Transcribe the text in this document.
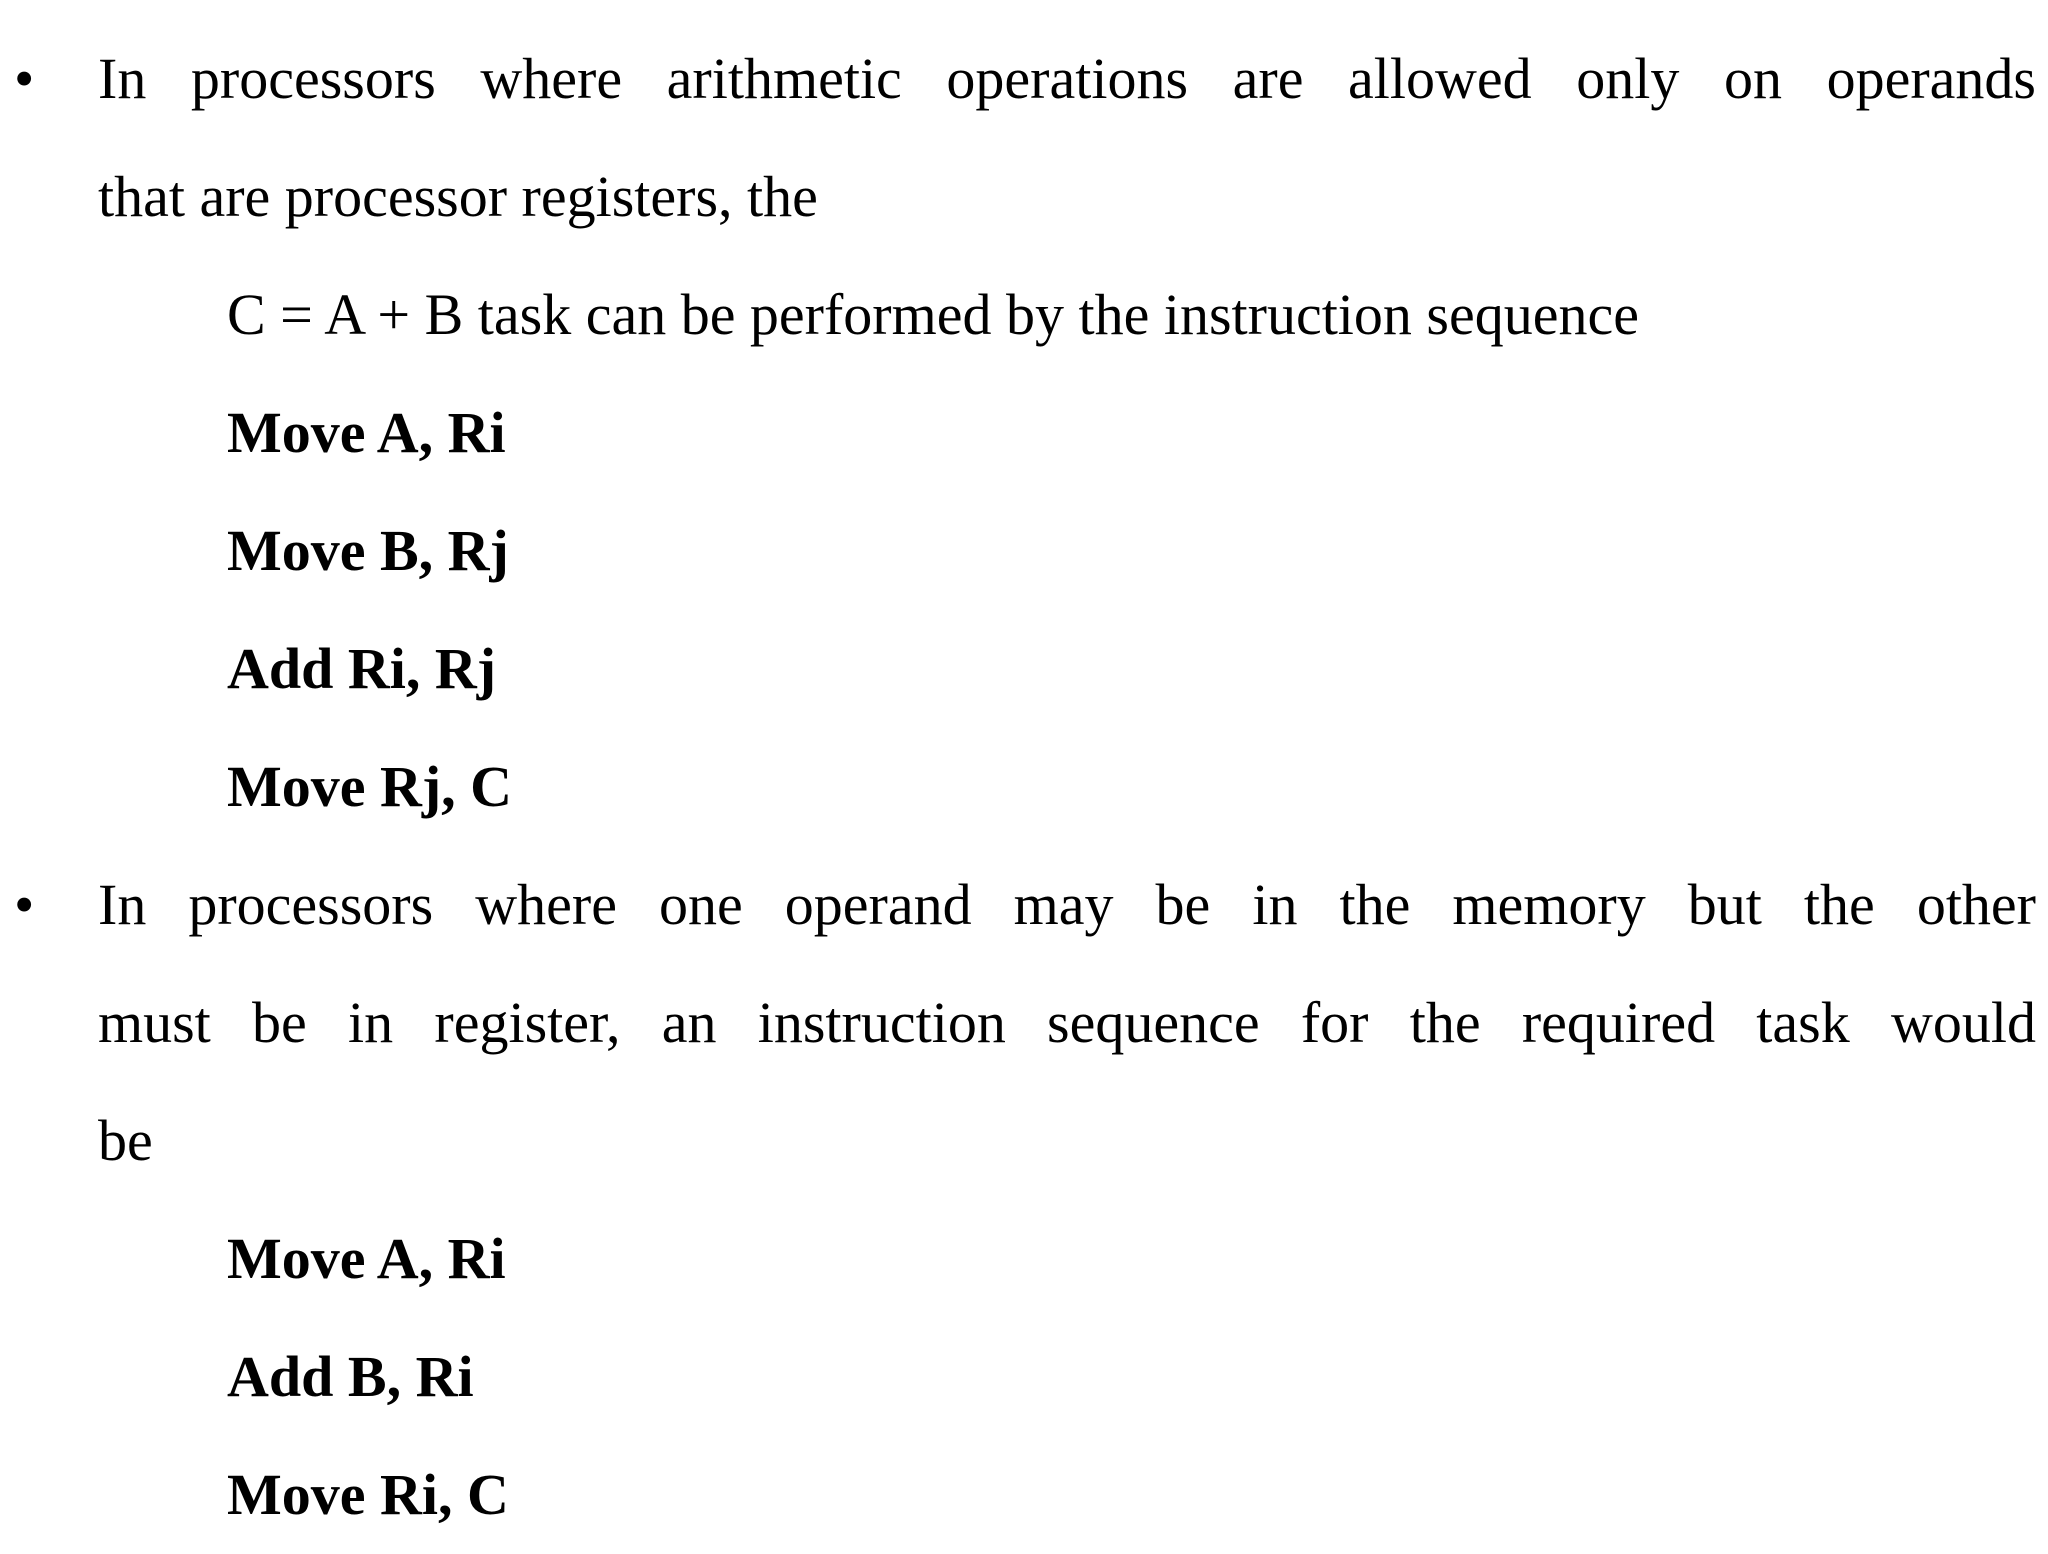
•	In processors where arithmetic operations are allowed only on operands
that are processor registers, the
C = A + B task can be performed by the instruction sequence
Move A, Ri
Move B, Rj
Add Ri, Rj
Move Rj, C
•	In processors where one operand may be in the memory but the other
must be in register, an instruction sequence for the required task would
be
Move A, Ri
Add B, Ri
Move Ri, C
